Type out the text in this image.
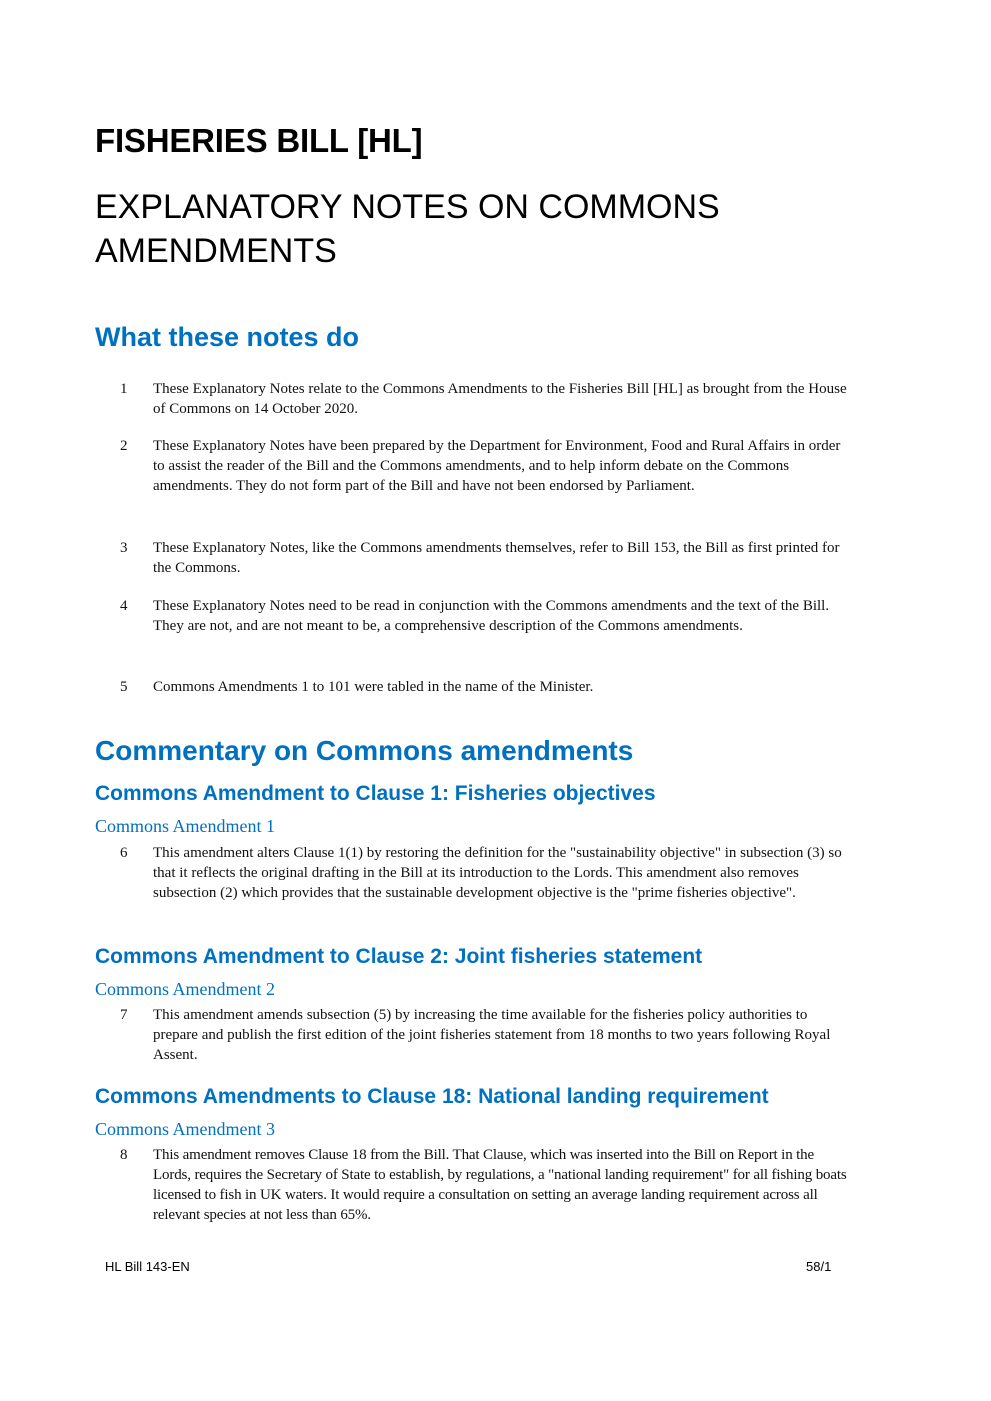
FISHERIES BILL [HL]
EXPLANATORY NOTES ON COMMONS AMENDMENTS
What these notes do
1	These Explanatory Notes relate to the Commons Amendments to the Fisheries Bill [HL] as brought from the House of Commons on 14 October 2020.
2	These Explanatory Notes have been prepared by the Department for Environment, Food and Rural Affairs in order to assist the reader of the Bill and the Commons amendments, and to help inform debate on the Commons amendments. They do not form part of the Bill and have not been endorsed by Parliament.
3	These Explanatory Notes, like the Commons amendments themselves, refer to Bill 153, the Bill as first printed for the Commons.
4	These Explanatory Notes need to be read in conjunction with the Commons amendments and the text of the Bill. They are not, and are not meant to be, a comprehensive description of the Commons amendments.
5	Commons Amendments 1 to 101 were tabled in the name of the Minister.
Commentary on Commons amendments
Commons Amendment to Clause 1: Fisheries objectives
Commons Amendment 1
6	This amendment alters Clause 1(1) by restoring the definition for the "sustainability objective" in subsection (3) so that it reflects the original drafting in the Bill at its introduction to the Lords. This amendment also removes subsection (2) which provides that the sustainable development objective is the "prime fisheries objective".
Commons Amendment to Clause 2: Joint fisheries statement
Commons Amendment 2
7	This amendment amends subsection (5) by increasing the time available for the fisheries policy authorities to prepare and publish the first edition of the joint fisheries statement from 18 months to two years following Royal Assent.
Commons Amendments to Clause 18: National landing requirement
Commons Amendment 3
8	This amendment removes Clause 18 from the Bill. That Clause, which was inserted into the Bill on Report in the Lords, requires the Secretary of State to establish, by regulations, a "national landing requirement" for all fishing boats licensed to fish in UK waters. It would require a consultation on setting an average landing requirement across all relevant species at not less than 65%.
HL Bill 143-EN	58/1
